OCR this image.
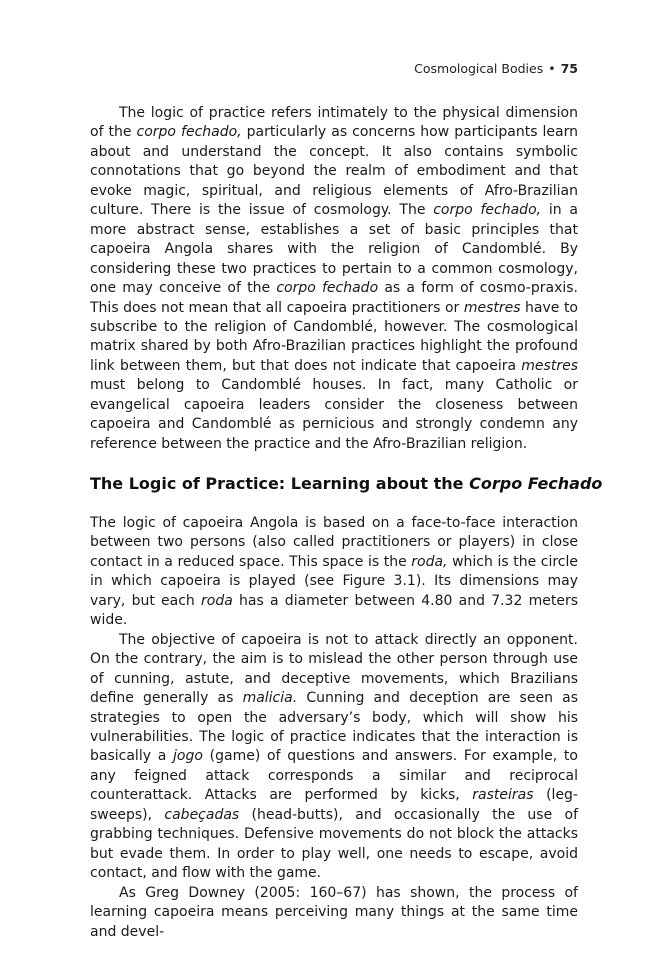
Cosmological Bodies • 75

The logic of practice refers intimately to the physical dimension of the corpo fechado, particularly as concerns how participants learn about and understand the concept. It also contains symbolic connotations that go beyond the realm of embodiment and that evoke magic, spiritual, and religious elements of Afro-Brazilian culture. There is the issue of cosmology. The corpo fechado, in a more abstract sense, establishes a set of basic principles that capoeira Angola shares with the religion of Candomblé. By considering these two practices to pertain to a common cosmology, one may conceive of the corpo fechado as a form of cosmo-praxis. This does not mean that all capoeira practitioners or mestres have to subscribe to the religion of Candomblé, however. The cosmological matrix shared by both Afro-Brazilian practices highlight the profound link between them, but that does not indicate that capoeira mestres must belong to Candomblé houses. In fact, many Catholic or evangelical capoeira leaders consider the closeness between capoeira and Candomblé as pernicious and strongly condemn any reference between the practice and the Afro-Brazilian religion.

The Logic of Practice: Learning about the Corpo Fechado

The logic of capoeira Angola is based on a face-to-face interaction between two persons (also called practitioners or players) in close contact in a reduced space. This space is the roda, which is the circle in which capoeira is played (see Figure 3.1). Its dimensions may vary, but each roda has a diameter between 4.80 and 7.32 meters wide.

The objective of capoeira is not to attack directly an opponent. On the contrary, the aim is to mislead the other person through use of cunning, astute, and deceptive movements, which Brazilians define generally as malicia. Cunning and deception are seen as strategies to open the adversary’s body, which will show his vulnerabilities. The logic of practice indicates that the interaction is basically a jogo (game) of questions and answers. For example, to any feigned attack corresponds a similar and reciprocal counterattack. Attacks are performed by kicks, rasteiras (leg-sweeps), cabeçadas (head-butts), and occasionally the use of grabbing techniques. Defensive movements do not block the attacks but evade them. In order to play well, one needs to escape, avoid contact, and flow with the game.

As Greg Downey (2005: 160–67) has shown, the process of learning capoeira means perceiving many things at the same time and devel-
